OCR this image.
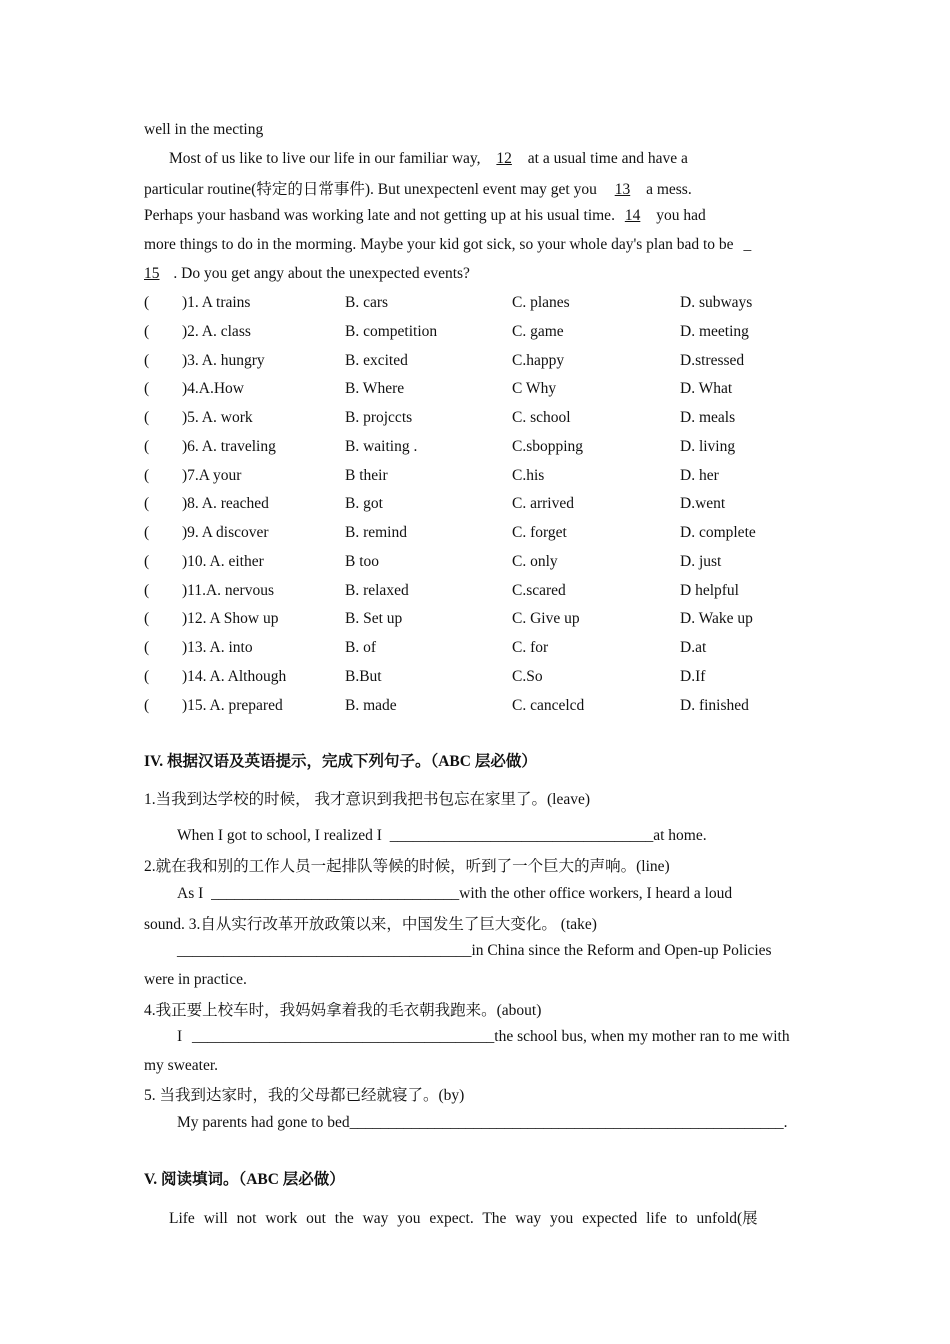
well in the mecting
Most of us like to live our life in our familiar way, 12 at a usual time and have a
particular routine(特定的日常事件). But unexpectenl event may get you 13 a mess.
Perhaps your hasband was working late and not getting up at his usual time. 14 you had
more things to do in the morming. Maybe your kid got sick, so your whole day's plan bad to be _
15 . Do you get angy about the unexpected events?
( )1. A trains	B. cars	C. planes	D. subways
( )2. A. class	B. competition	C. game	D. meeting
( )3. A. hungry	B. excited	C.happy	D.stressed
( )4.A.How	B. Where	C Why	D. What
( )5. A. work	B. projccts	C. school	D. meals
( )6. A. traveling	B. waiting .	C.sbopping	D. living
( )7.A your	B their	C.his	D. her
( )8. A. reached	B. got	C. arrived	D.went
( )9. A discover	B. remind	C. forget	D. complete
( )10. A. either	B too	C. only	D. just
( )11.A. nervous	B. relaxed	C.scared	D helpful
( )12. A Show up	B. Set up	C. Give up	D. Wake up
( )13. A. into	B. of	C. for	D.at
( )14. A. Although	B.But	C.So	D.If
( )15. A. prepared	B. made	C. cancelcd	D. finished
IV. 根据汉语及英语提示，完成下列句子。（ABC 层必做）
1.当我到达学校的时候， 我才意识到我把书包忘在家里了。(leave)
When I got to school, I realized I __________________________________at home.
2.就在我和别的工作人员一起排队等候的时候，听到了一个巨大的声响。(line)
As I ________________________________with the other office workers, I heard a loud
sound. 3.自从实行改革开放政策以来，中国发生了巨大变化。 (take)
______________________________________in China since the Reform and Open-up Policies
were in practice.
4.我正要上校车时，我妈妈拿着我的毛衣朝我跑来。(about)
I _______________________________________the school bus, when my mother ran to me with
my sweater.
5. 当我到达家时，我的父母都已经就寝了。(by)
My parents had gone to bed________________________________________________________.
V. 阅读填词。（ABC 层必做）
Life will not work out the way you expect. The way you expected life to unfold(展
